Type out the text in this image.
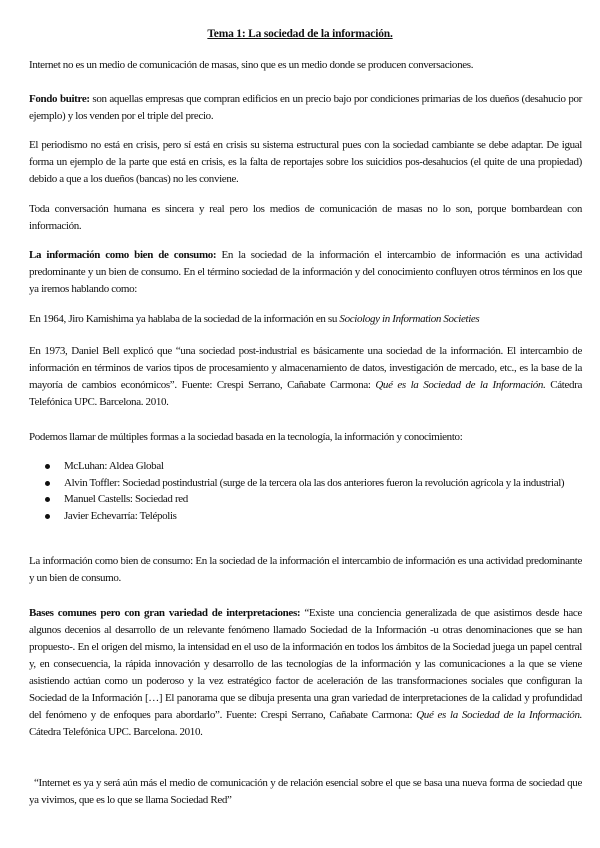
Tema 1: La sociedad de la información.

Internet no es un medio de comunicación de masas, sino que es un medio donde se producen conversaciones.

Fondo buitre: son aquellas empresas que compran edificios en un precio bajo por condiciones primarias de los dueños (desahucio por ejemplo) y los venden por el triple del precio.

El periodismo no está en crisis, pero sí está en crisis su sistema estructural pues con la sociedad cambiante se debe adaptar. De igual forma un ejemplo de la parte que está en crisis, es la falta de reportajes sobre los suicidios pos-desahucios (el quite de una propiedad) debido a que a los dueños (bancas) no les conviene.

Toda conversación humana es sincera y real pero los medios de comunicación de masas no lo son, porque bombardean con información.

La información como bien de consumo: En la sociedad de la información el intercambio de información es una actividad predominante y un bien de consumo. En el término sociedad de la información y del conocimiento confluyen otros términos en los que ya iremos hablando como:

En 1964, Jiro Kamishima ya hablaba de la sociedad de la información en su Sociology in Information Societies

En 1973, Daniel Bell explicó que “una sociedad post-industrial es básicamente una sociedad de la información. El intercambio de información en términos de varios tipos de procesamiento y almacenamiento de datos, investigación de mercado, etc., es la base de la mayoría de cambios económicos”. Fuente: Crespi Serrano, Cañabate Carmona: Qué es la Sociedad de la Información. Cátedra Telefónica UPC. Barcelona. 2010.

Podemos llamar de múltiples formas a la sociedad basada en la tecnología, la información y conocimiento:

McLuhan: Aldea Global
Alvin Toffler: Sociedad postindustrial (surge de la tercera ola las dos anteriores fueron la revolución agrícola y la industrial)
Manuel Castells: Sociedad red
Javier Echevarría: Telépolis

La información como bien de consumo: En la sociedad de la información el intercambio de información es una actividad predominante y un bien de consumo.

Bases comunes pero con gran variedad de interpretaciones: “Existe una conciencia generalizada de que asistimos desde hace algunos decenios al desarrollo de un relevante fenómeno llamado Sociedad de la Información -u otras denominaciones que se han propuesto-. En el origen del mismo, la intensidad en el uso de la información en todos los ámbitos de la Sociedad juega un papel central y, en consecuencia, la rápida innovación y desarrollo de las tecnologías de la información y las comunicaciones a la que se viene asistiendo actúan como un poderoso y la vez estratégico factor de aceleración de las transformaciones sociales que configuran la Sociedad de la Información […] El panorama que se dibuja presenta una gran variedad de interpretaciones de la calidad y profundidad del fenómeno y de enfoques para abordarlo”. Fuente: Crespi Serrano, Cañabate Carmona: Qué es la Sociedad de la Información. Cátedra Telefónica UPC. Barcelona. 2010.

“Internet es ya y será aún más el medio de comunicación y de relación esencial sobre el que se basa una nueva forma de sociedad que ya vivimos, que es lo que se llama Sociedad Red”
